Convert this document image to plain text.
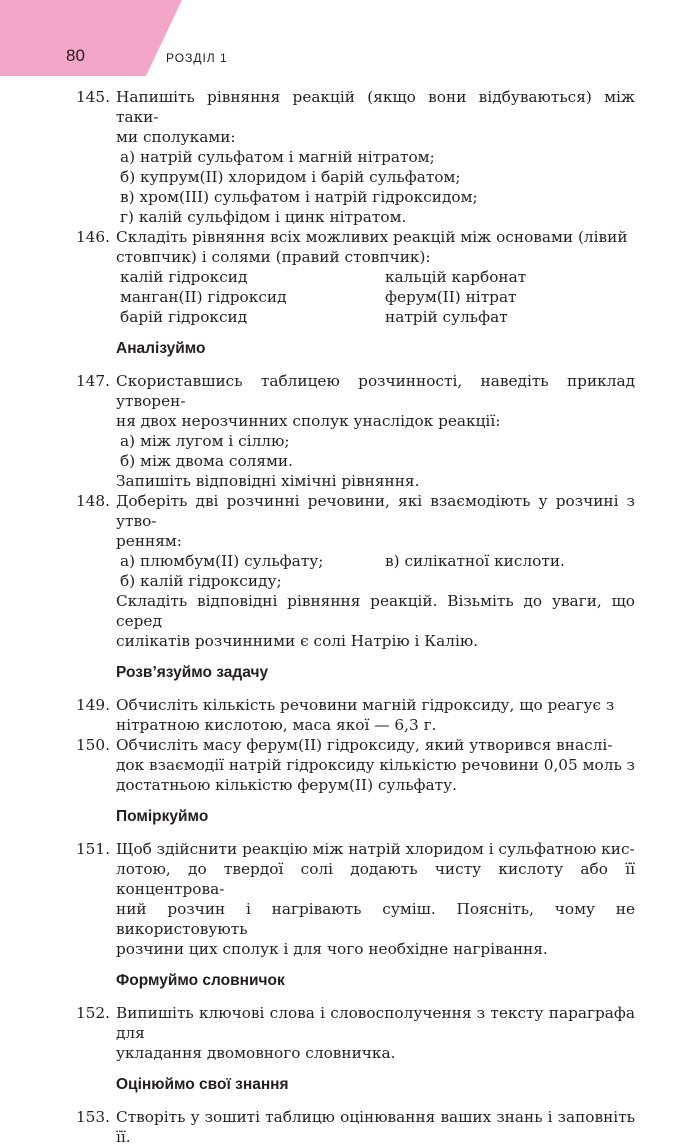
80	РОЗДІЛ 1
145. Напишіть рівняння реакцій (якщо вони відбуваються) між таки-
ми сполуками:
а) натрій сульфатом і магній нітратом;
б) купрум(ІІ) хлоридом і барій сульфатом;
в) хром(ІІІ) сульфатом і натрій гідроксидом;
г) калій сульфідом і цинк нітратом.
146. Складіть рівняння всіх можливих реакцій між основами (лівий
стовпчик) і солями (правий стовпчик):
калій гідроксид	кальцій карбонат
манган(ІІ) гідроксид	ферум(ІІ) нітрат
барій гідроксид	натрій сульфат
Аналізуймо
147. Скориставшись таблицею розчинності, наведіть приклад утворен-
ня двох нерозчинних сполук унаслідок реакції:
а) між лугом і сіллю;
б) між двома солями.
Запишіть відповідні хімічні рівняння.
148. Доберіть дві розчинні речовини, які взаємодіють у розчині з утво-
ренням:
а) плюмбум(ІІ) сульфату;	в) силікатної кислоти.
б) калій гідроксиду;
Складіть відповідні рівняння реакцій. Візьміть до уваги, що серед
силікатів розчинними є солі Натрію і Калію.
Розв’язуймо задачу
149. Обчисліть кількість речовини магній гідроксиду, що реагує з
нітратною кислотою, маса якої — 6,3 г.
150. Обчисліть масу ферум(ІІ) гідроксиду, який утворився внаслі-
док взаємодії натрій гідроксиду кількістю речовини 0,05 моль з
достатньою кількістю ферум(ІІ) сульфату.
Поміркуймо
151. Щоб здійснити реакцію між натрій хлоридом і сульфатною кис-
лотою, до твердої солі додають чисту кислоту або її концентрова-
ний розчин і нагрівають суміш. Поясніть, чому не використовують
розчини цих сполук і для чого необхідне нагрівання.
Формуймо словничок
152. Випишіть ключові слова і словосполучення з тексту параграфа для
укладання двомовного словничка.
Оцінюймо свої знання
153. Створіть у зошиті таблицю оцінювання ваших знань і заповніть її.
